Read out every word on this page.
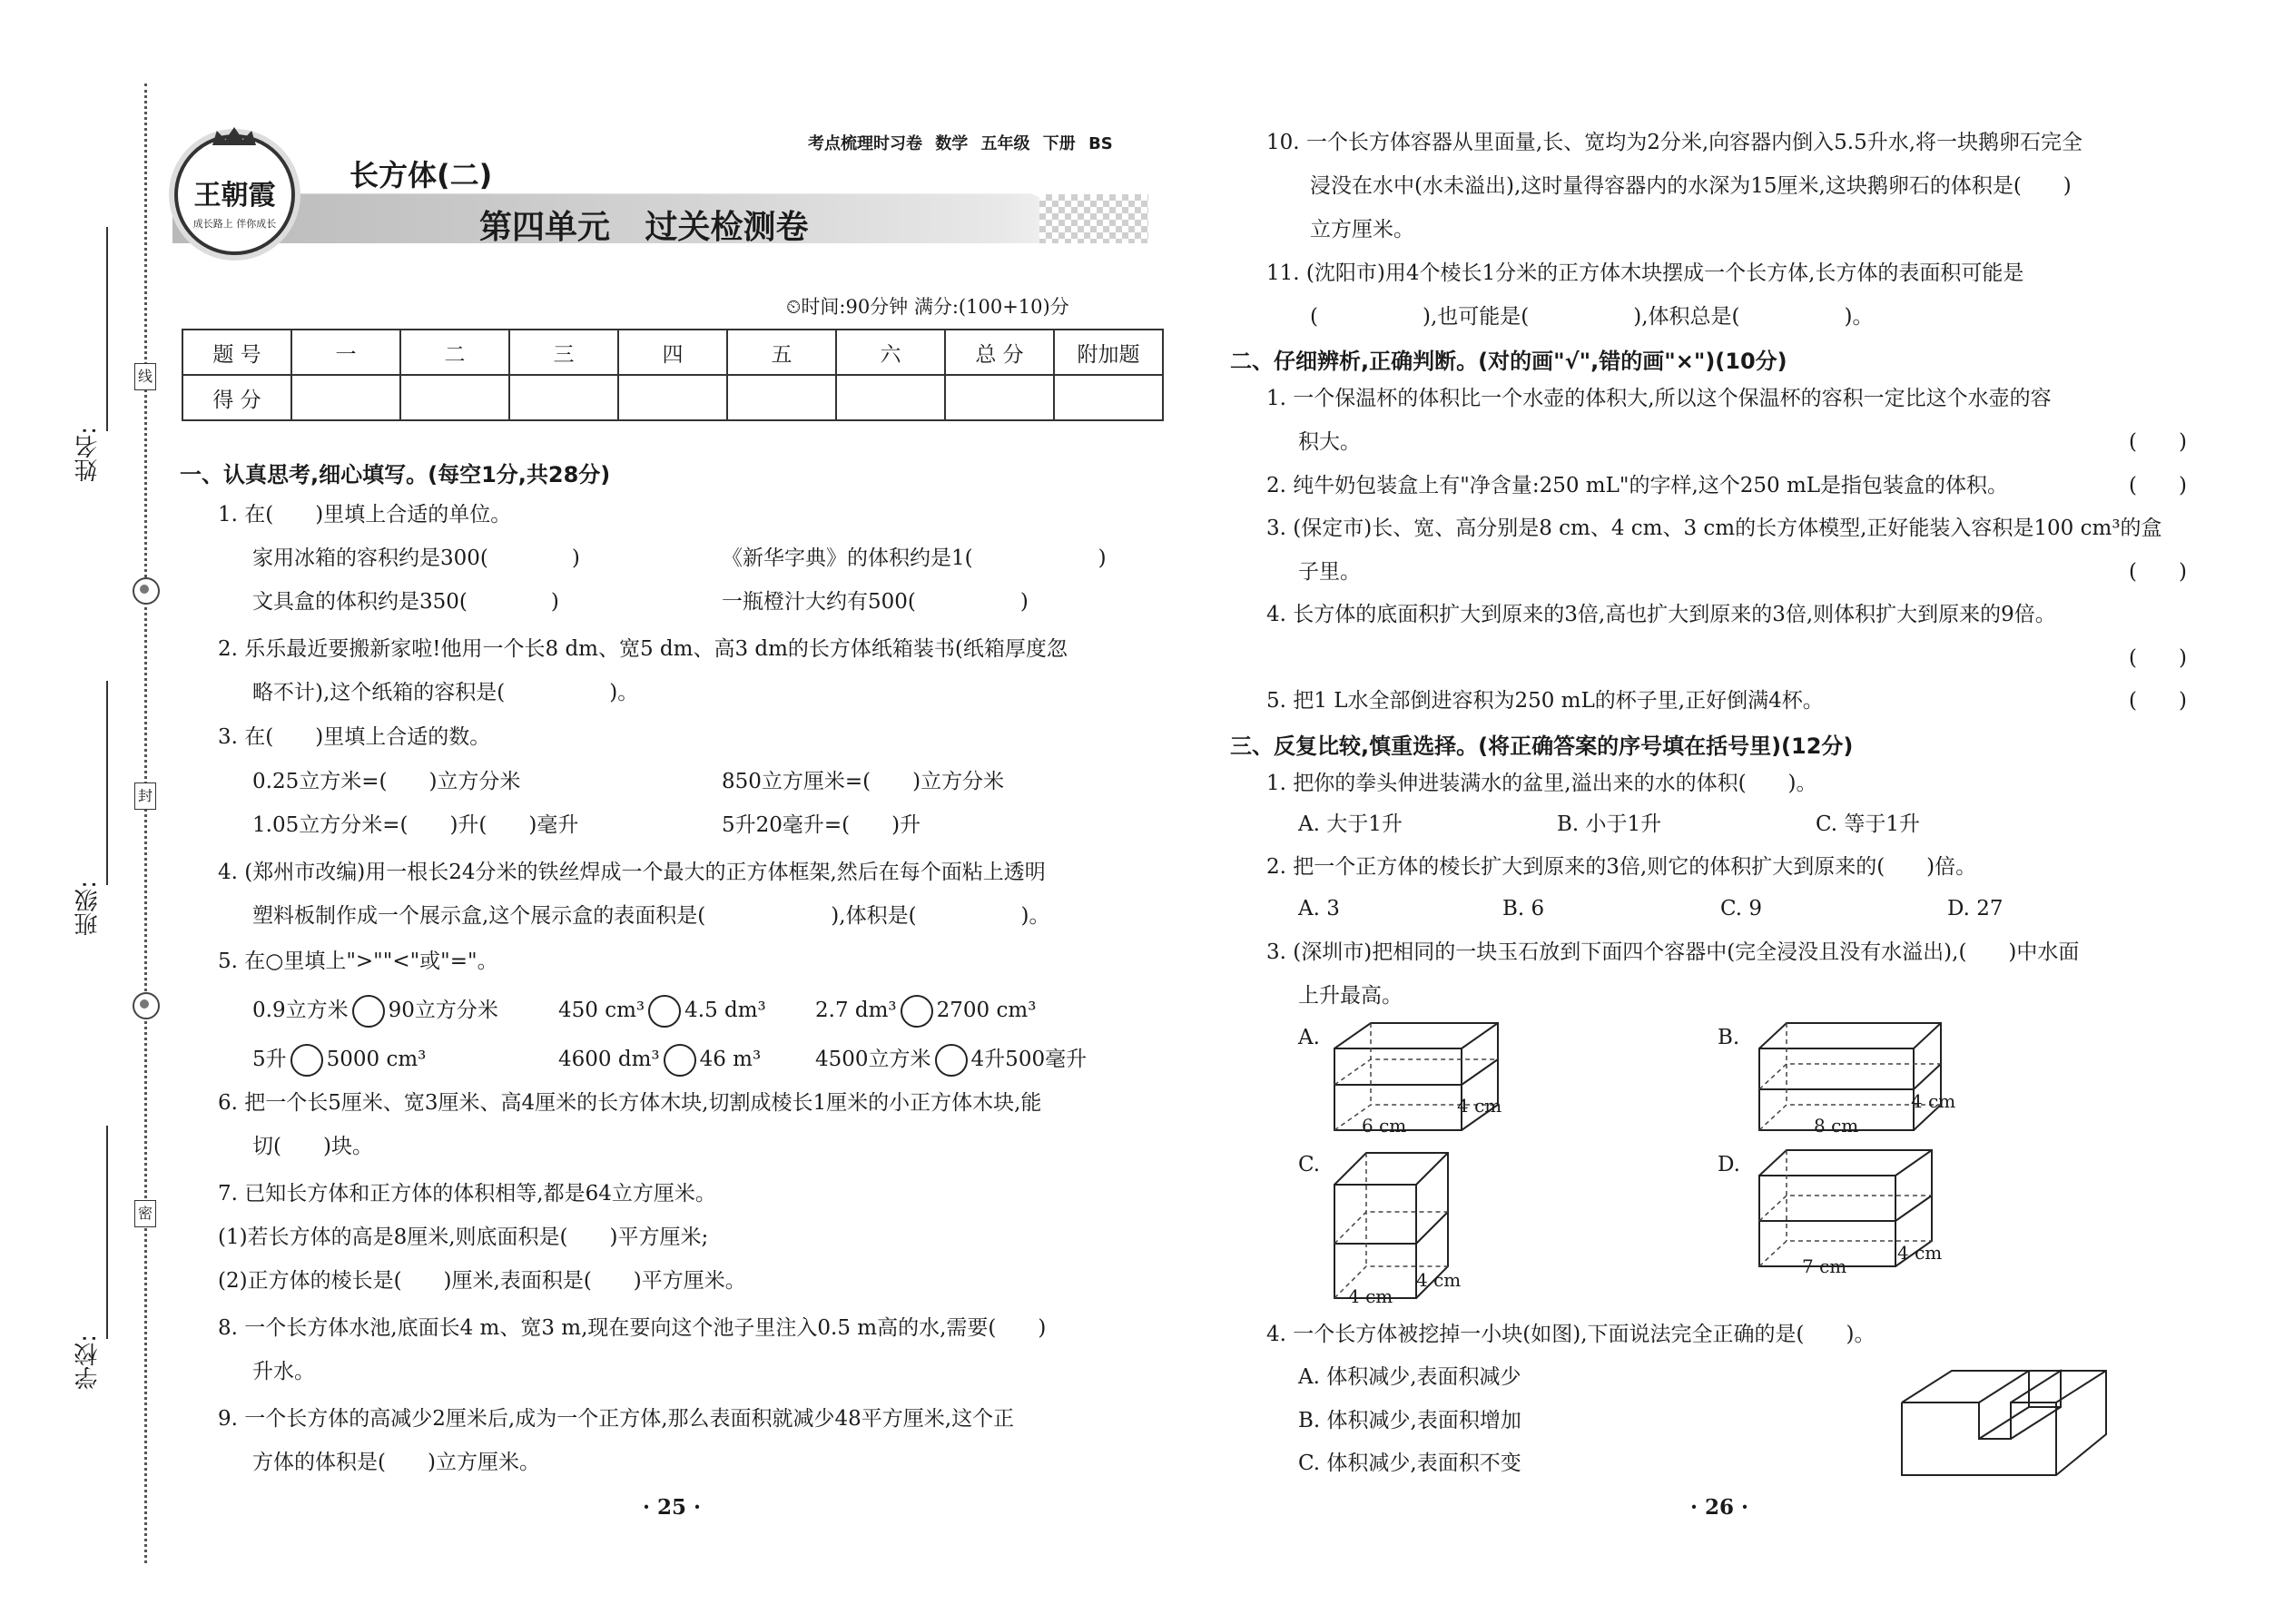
姓名:
班级:
学校:
线
封
密
王朝霞
成长路上 伴你成长
考点梳理时习卷 数学 五年级 下册 BS
长方体(二)
第四单元 过关检测卷
⏲时间:90分钟 满分:(100+10)分
题 号	一	二	三	四	五	六	总 分	附加题
得 分								
一、认真思考,细心填写。(每空1分,共28分)
1. 在(　　)里填上合适的单位。
家用冰箱的容积约是300(　　　　)	《新华字典》的体积约是1(　　　　　　)
文具盒的体积约是350(　　　　)	一瓶橙汁大约有500(　　　　　)
2. 乐乐最近要搬新家啦!他用一个长8 dm、宽5 dm、高3 dm的长方体纸箱装书(纸箱厚度忽
略不计),这个纸箱的容积是(　　　　　)。
3. 在(　　)里填上合适的数。
0.25立方米=(　　)立方分米	850立方厘米=(　　)立方分米
1.05立方分米=(　　)升(　　)毫升	5升20毫升=(　　)升
4. (郑州市改编)用一根长24分米的铁丝焊成一个最大的正方体框架,然后在每个面粘上透明
塑料板制作成一个展示盒,这个展示盒的表面积是(　　　　　　),体积是(　　　　　)。
5. 在○里填上">""<"或"="。
0.9立方米 90立方分米	450 cm³ 4.5 dm³ 2.7 dm³ 2700 cm³
5升 5000 cm³	4600 dm³ 46 m³	4500立方米 4升500毫升
6. 把一个长5厘米、宽3厘米、高4厘米的长方体木块,切割成棱长1厘米的小正方体木块,能
切(　　)块。
7. 已知长方体和正方体的体积相等,都是64立方厘米。
(1)若长方体的高是8厘米,则底面积是(　　)平方厘米;
(2)正方体的棱长是(　　)厘米,表面积是(　　)平方厘米。
8. 一个长方体水池,底面长4 m、宽3 m,现在要向这个池子里注入0.5 m高的水,需要(　　)
升水。
9. 一个长方体的高减少2厘米后,成为一个正方体,那么表面积就减少48平方厘米,这个正
方体的体积是(　　)立方厘米。
· 25 ·
10. 一个长方体容器从里面量,长、宽均为2分米,向容器内倒入5.5升水,将一块鹅卵石完全
浸没在水中(水未溢出),这时量得容器内的水深为15厘米,这块鹅卵石的体积是(　　)
立方厘米。
11. (沈阳市)用4个棱长1分米的正方体木块摆成一个长方体,长方体的表面积可能是
(　　　　　),也可能是(　　　　　),体积总是(　　　　　)。
二、仔细辨析,正确判断。(对的画"√",错的画"×")(10分)
1. 一个保温杯的体积比一个水壶的体积大,所以这个保温杯的容积一定比这个水壶的容
积大。	(　　)
2. 纯牛奶包装盒上有"净含量:250 mL"的字样,这个250 mL是指包装盒的体积。	(　　)
3. (保定市)长、宽、高分别是8 cm、4 cm、3 cm的长方体模型,正好能装入容积是100 cm³的盒
子里。	(　　)
4. 长方体的底面积扩大到原来的3倍,高也扩大到原来的3倍,则体积扩大到原来的9倍。
(　　)
5. 把1 L水全部倒进容积为250 mL的杯子里,正好倒满4杯。	(　　)
三、反复比较,慎重选择。(将正确答案的序号填在括号里)(12分)
1. 把你的拳头伸进装满水的盆里,溢出来的水的体积(　　)。
A. 大于1升	B. 小于1升	C. 等于1升
2. 把一个正方体的棱长扩大到原来的3倍,则它的体积扩大到原来的(　　)倍。
A. 3	B. 6	C. 9	D. 27
3. (深圳市)把相同的一块玉石放到下面四个容器中(完全浸没且没有水溢出),(　　)中水面
上升最高。
A.
6 cm
4 cm
B.
8 cm
4 cm
C.
4 cm
4 cm
D.
7 cm
4 cm
4. 一个长方体被挖掉一小块(如图),下面说法完全正确的是(　　)。
A. 体积减少,表面积减少
B. 体积减少,表面积增加
C. 体积减少,表面积不变
· 26 ·
